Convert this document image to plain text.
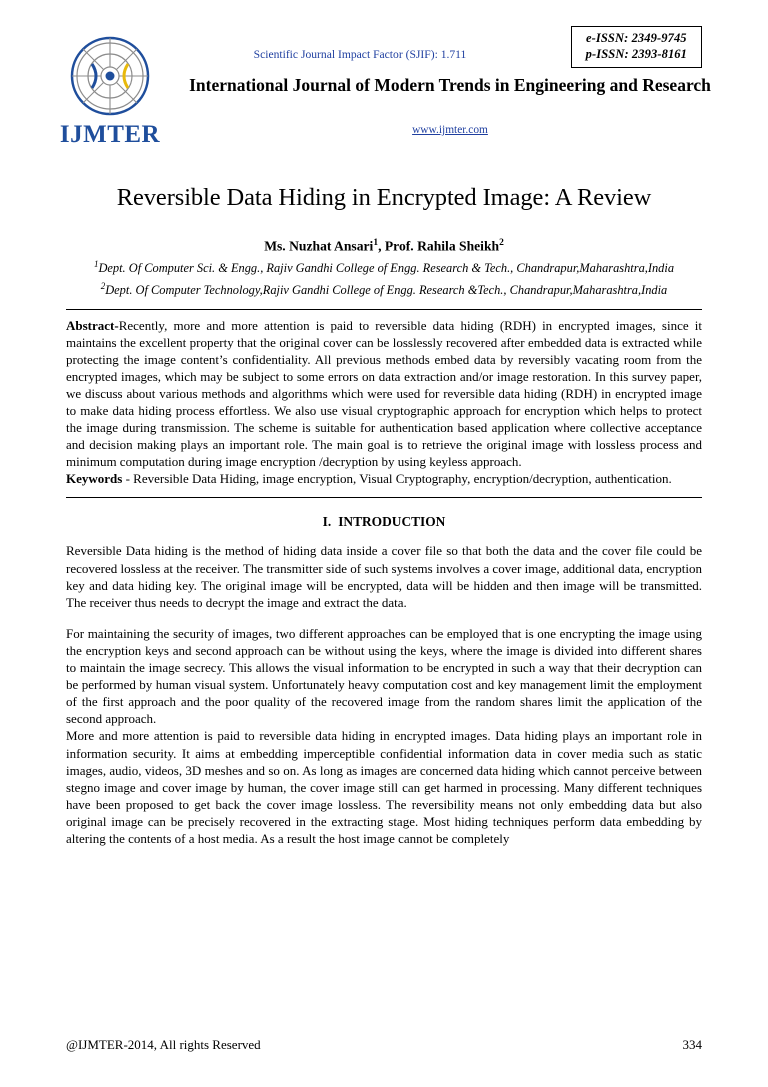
IJMTER
Scientific Journal Impact Factor (SJIF): 1.711
e-ISSN: 2349-9745
p-ISSN: 2393-8161
International Journal of Modern Trends in Engineering and Research
www.ijmter.com
Reversible Data Hiding in Encrypted Image: A Review
Ms. Nuzhat Ansari$^1$, Prof. Rahila Sheikh$^2$
$^1$Dept. Of Computer Sci. & Engg., Rajiv Gandhi College of Engg. Research & Tech., Chandrapur,Maharashtra,India
$^2$Dept. Of Computer Technology,Rajiv Gandhi College of Engg. Research &Tech., Chandrapur,Maharashtra,India
Abstract-Recently, more and more attention is paid to reversible data hiding (RDH) in encrypted images, since it maintains the excellent property that the original cover can be losslessly recovered after embedded data is extracted while protecting the image content’s confidentiality. All previous methods embed data by reversibly vacating room from the encrypted images, which may be subject to some errors on data extraction and/or image restoration. In this survey paper, we discuss about various methods and algorithms which were used for reversible data hiding (RDH) in encrypted image to make data hiding process effortless. We also use visual cryptographic approach for encryption which helps to protect the image during transmission. The scheme is suitable for authentication based application where collective acceptance and decision making plays an important role. The main goal is to retrieve the original image with lossless process and minimum computation during image encryption /decryption by using keyless approach.
Keywords - Reversible Data Hiding, image encryption, Visual Cryptography, encryption/decryption, authentication.
I. INTRODUCTION

Reversible Data hiding is the method of hiding data inside a cover file so that both the data and the cover file could be recovered lossless at the receiver. The transmitter side of such systems involves a cover image, additional data, encryption key and data hiding key. The original image will be encrypted, data will be hidden and then image will be transmitted. The receiver thus needs to decrypt the image and extract the data.

For maintaining the security of images, two different approaches can be employed that is one encrypting the image using the encryption keys and second approach can be without using the keys, where the image is divided into different shares to maintain the image secrecy. This allows the visual information to be encrypted in such a way that their decryption can be performed by human visual system. Unfortunately heavy computation cost and key management limit the employment of the first approach and the poor quality of the recovered image from the random shares limit the application of the second approach.

More and more attention is paid to reversible data hiding in encrypted images. Data hiding plays an important role in information security. It aims at embedding imperceptible confidential information data in cover media such as static images, audio, videos, 3D meshes and so on. As long as images are concerned data hiding which cannot perceive between stegno image and cover image by human, the cover image still can get harmed in processing. Many different techniques have been proposed to get back the cover image lossless. The reversibility means not only embedding data but also original image can be precisely recovered in the extracting stage. Most hiding techniques perform data embedding by altering the contents of a host media. As a result the host image cannot be completely

@IJMTER-2014, All rights Reserved	334
